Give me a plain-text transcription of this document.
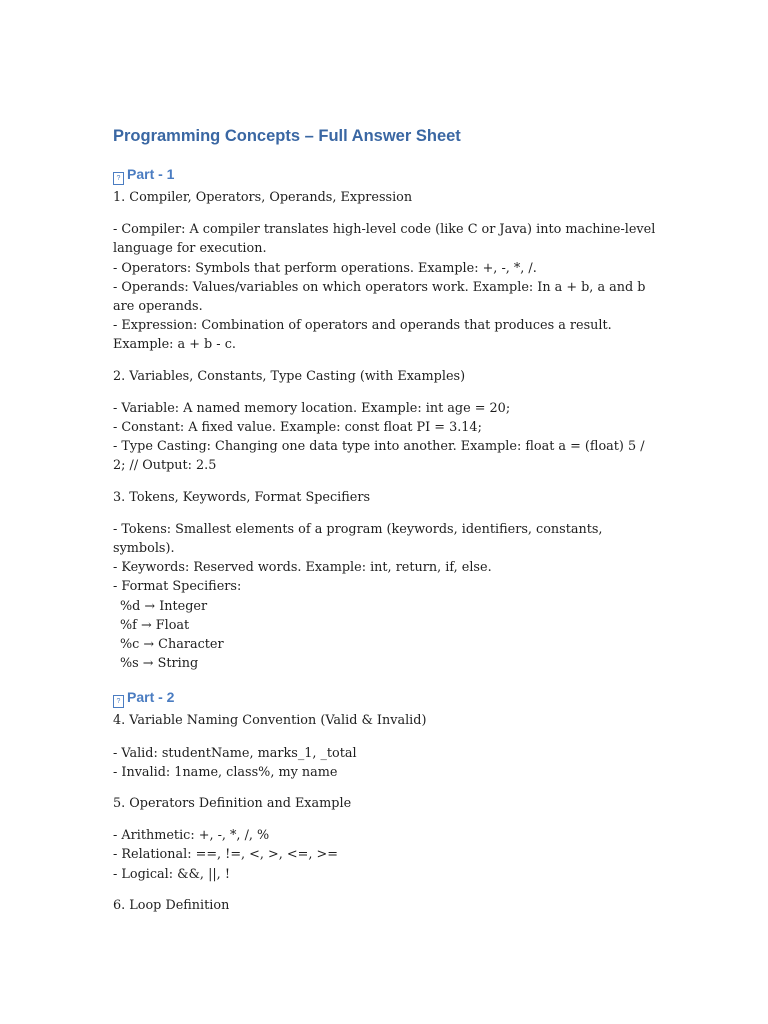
Programming Concepts – Full Answer Sheet
? Part - 1

1. Compiler, Operators, Operands, Expression

- Compiler: A compiler translates high-level code (like C or Java) into machine-level language for execution.

- Operators: Symbols that perform operations. Example: +, -, *, /.

- Operands: Values/variables on which operators work. Example: In a + b, a and b are operands.

- Expression: Combination of operators and operands that produces a result. Example: a + b - c.

2. Variables, Constants, Type Casting (with Examples)

- Variable: A named memory location. Example: int age = 20;

- Constant: A fixed value. Example: const float PI = 3.14;

- Type Casting: Changing one data type into another. Example: float a = (float) 5 / 2; // Output: 2.5

3. Tokens, Keywords, Format Specifiers

- Tokens: Smallest elements of a program (keywords, identifiers, constants, symbols).

- Keywords: Reserved words. Example: int, return, if, else.

- Format Specifiers:

%d → Integer

%f → Float

%c → Character

%s → String

? Part - 2

4. Variable Naming Convention (Valid & Invalid)

- Valid: studentName, marks_1, _total

- Invalid: 1name, class%, my name

5. Operators Definition and Example

- Arithmetic: +, -, *, /, %

- Relational: ==, !=, <, >, <=, >=

- Logical: &&, ||, !

6. Loop Definition
